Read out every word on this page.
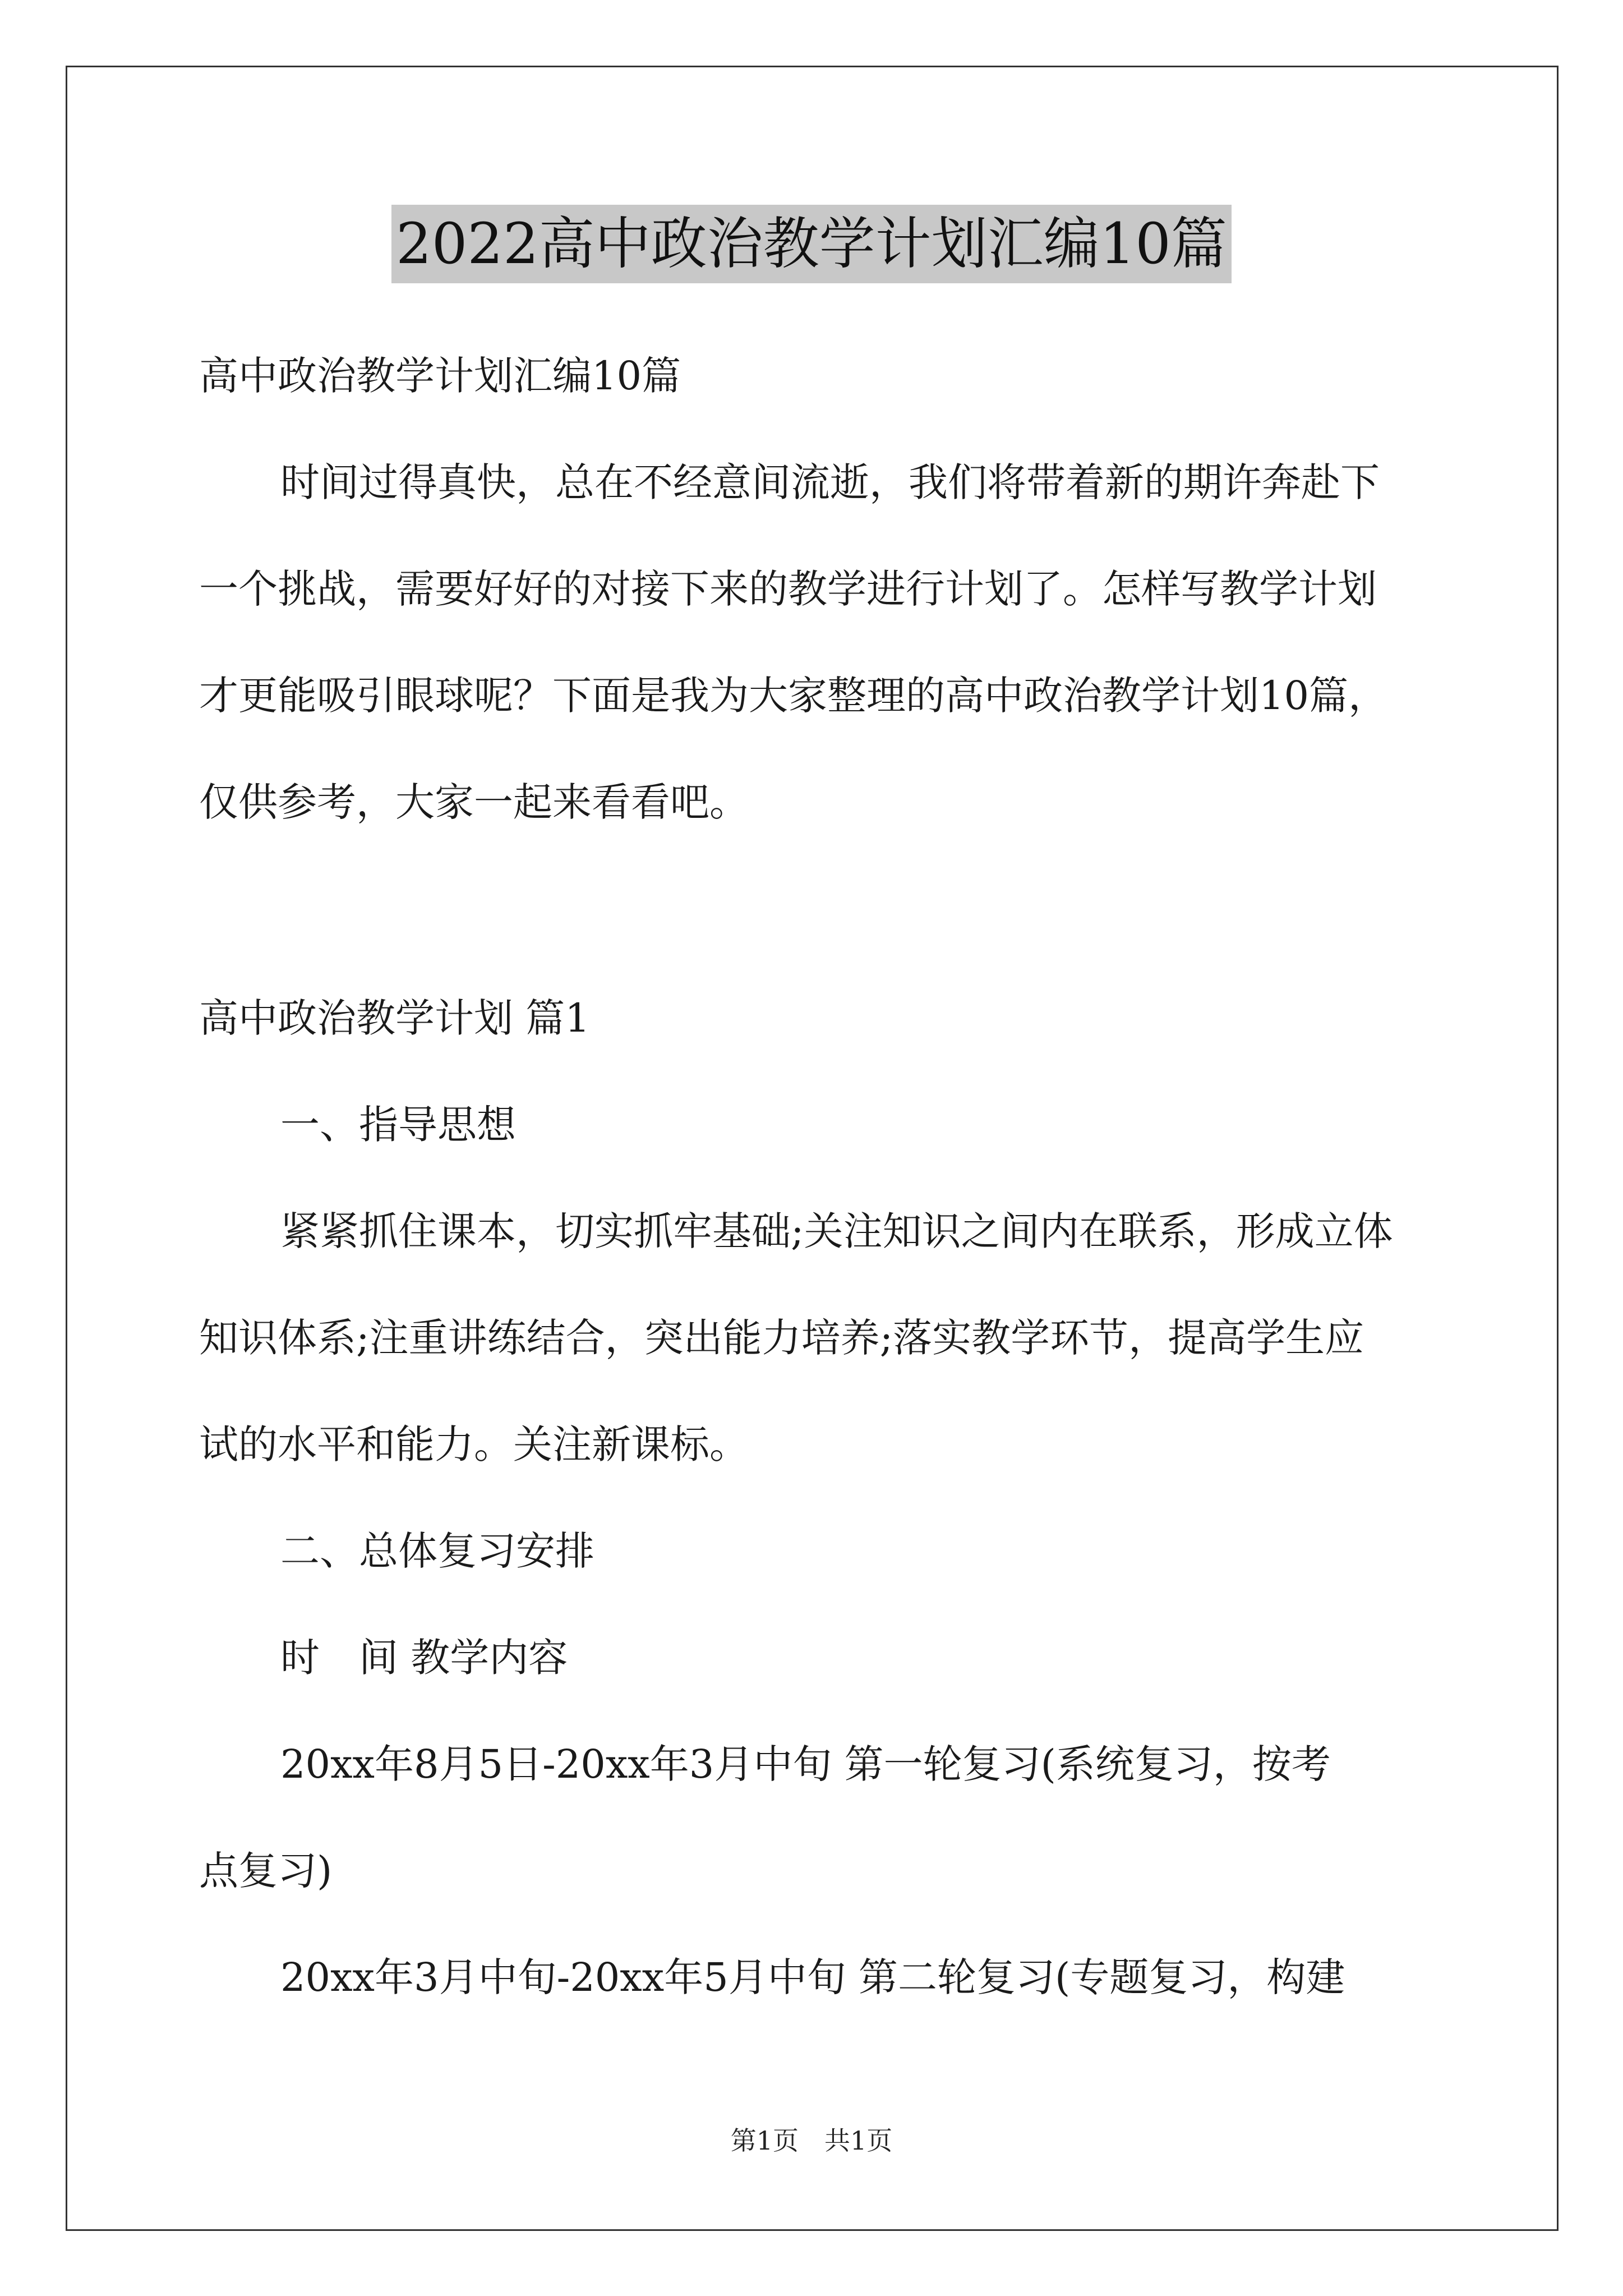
2022高中政治教学计划汇编10篇
高中政治教学计划汇编10篇
时间过得真快，总在不经意间流逝，我们将带着新的期许奔赴下
一个挑战，需要好好的对接下来的教学进行计划了。怎样写教学计划
才更能吸引眼球呢？下面是我为大家整理的高中政治教学计划10篇，
仅供参考，大家一起来看看吧。
高中政治教学计划 篇1
一、指导思想
紧紧抓住课本，切实抓牢基础;关注知识之间内在联系，形成立体
知识体系;注重讲练结合，突出能力培养;落实教学环节，提高学生应
试的水平和能力。关注新课标。
二、总体复习安排
时　间 教学内容
20xx年8月5日-20xx年3月中旬 第一轮复习(系统复习，按考
点复习)
20xx年3月中旬-20xx年5月中旬 第二轮复习(专题复习，构建
第1页　共1页
